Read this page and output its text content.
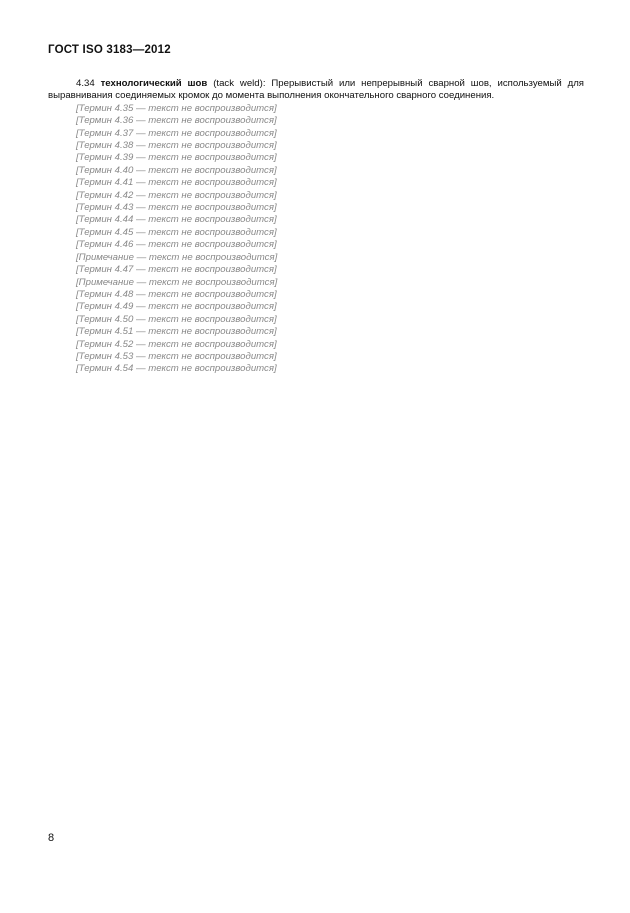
ГОСТ ISO 3183—2012

4.34 технологический шов (tack weld): Прерывистый или непрерывный сварной шов, используемый для выравнивания соединяемых кромок до момента выполнения окончательного сварного соединения.

[Термин 4.35 — текст не воспроизводится]

[Термин 4.36 — текст не воспроизводится]

[Термин 4.37 — текст не воспроизводится]

[Термин 4.38 — текст не воспроизводится]

[Термин 4.39 — текст не воспроизводится]

[Термин 4.40 — текст не воспроизводится]

[Термин 4.41 — текст не воспроизводится]

[Термин 4.42 — текст не воспроизводится]

[Термин 4.43 — текст не воспроизводится]

[Термин 4.44 — текст не воспроизводится]

[Термин 4.45 — текст не воспроизводится]

[Термин 4.46 — текст не воспроизводится]

[Примечание — текст не воспроизводится]

[Термин 4.47 — текст не воспроизводится]

[Примечание — текст не воспроизводится]

[Термин 4.48 — текст не воспроизводится]

[Термин 4.49 — текст не воспроизводится]

[Термин 4.50 — текст не воспроизводится]

[Термин 4.51 — текст не воспроизводится]

[Термин 4.52 — текст не воспроизводится]

[Термин 4.53 — текст не воспроизводится]

[Термин 4.54 — текст не воспроизводится]

8
